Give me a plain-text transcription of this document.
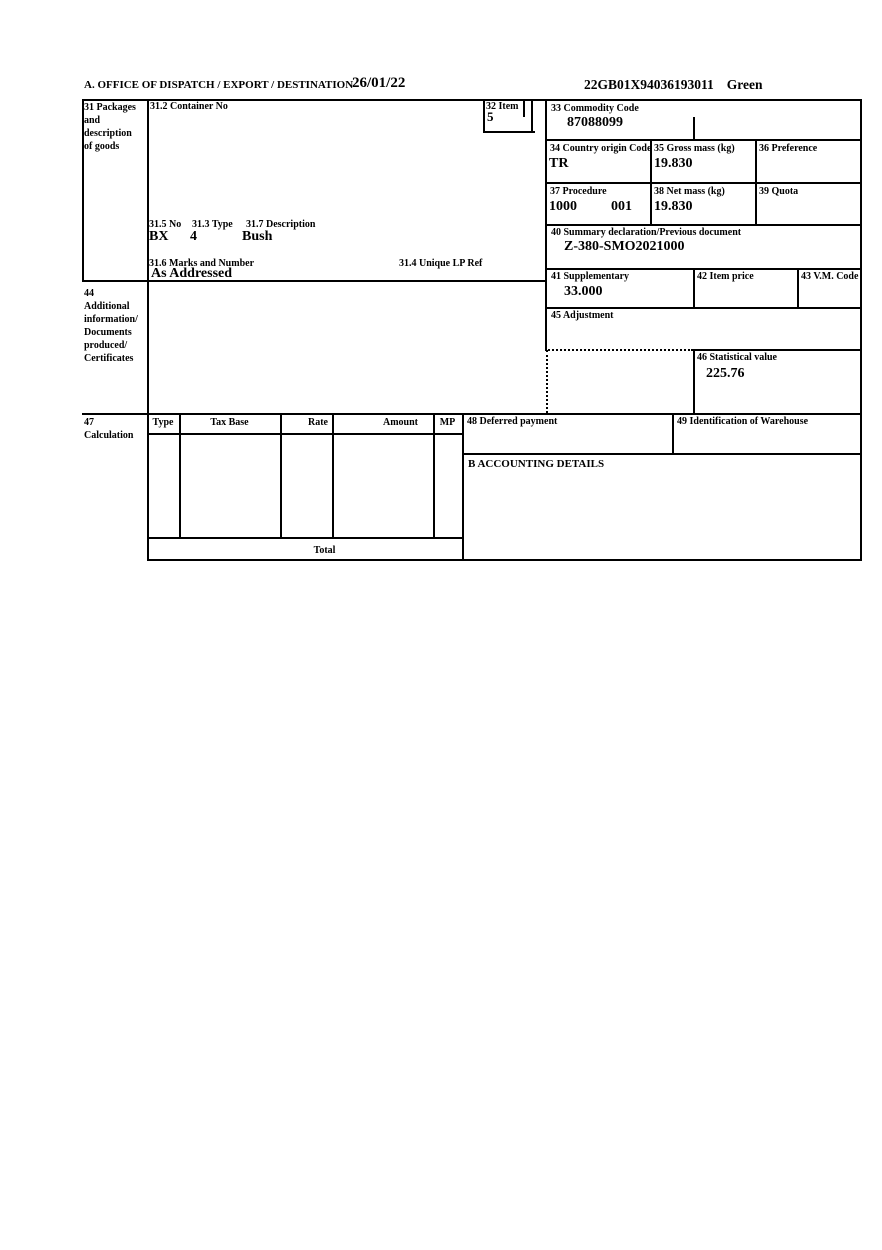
A. OFFICE OF DISPATCH / EXPORT / DESTINATION
26/01/22	22GB01X94036193011 Green
31 Packages
and
description
of goods
31.2 Container No	32 Item
5
33 Commodity Code
87088099
34 Country origin Code
TR
35 Gross mass (kg)
19.830
36 Preference
37 Procedure
1000 001
38 Net mass (kg)
19.830
39 Quota
31.5 No 31.3 Type 31.7 Description
BX 4	Bush	40 Summary declaration/Previous document
Z-380-SMO2021000
31.6 Marks and Number	31.4 Unique LP Ref
As Addressed	41 Supplementary
33.000
42 Item price	43 V.M. Code
44
Additional
information/
Documents
produced/
Certificates
45 Adjustment
46 Statistical value
225.76
47
Calculation
Type	Tax Base	Rate	Amount	MP
Total
48 Deferred payment	49 Identification of Warehouse
B ACCOUNTING DETAILS
